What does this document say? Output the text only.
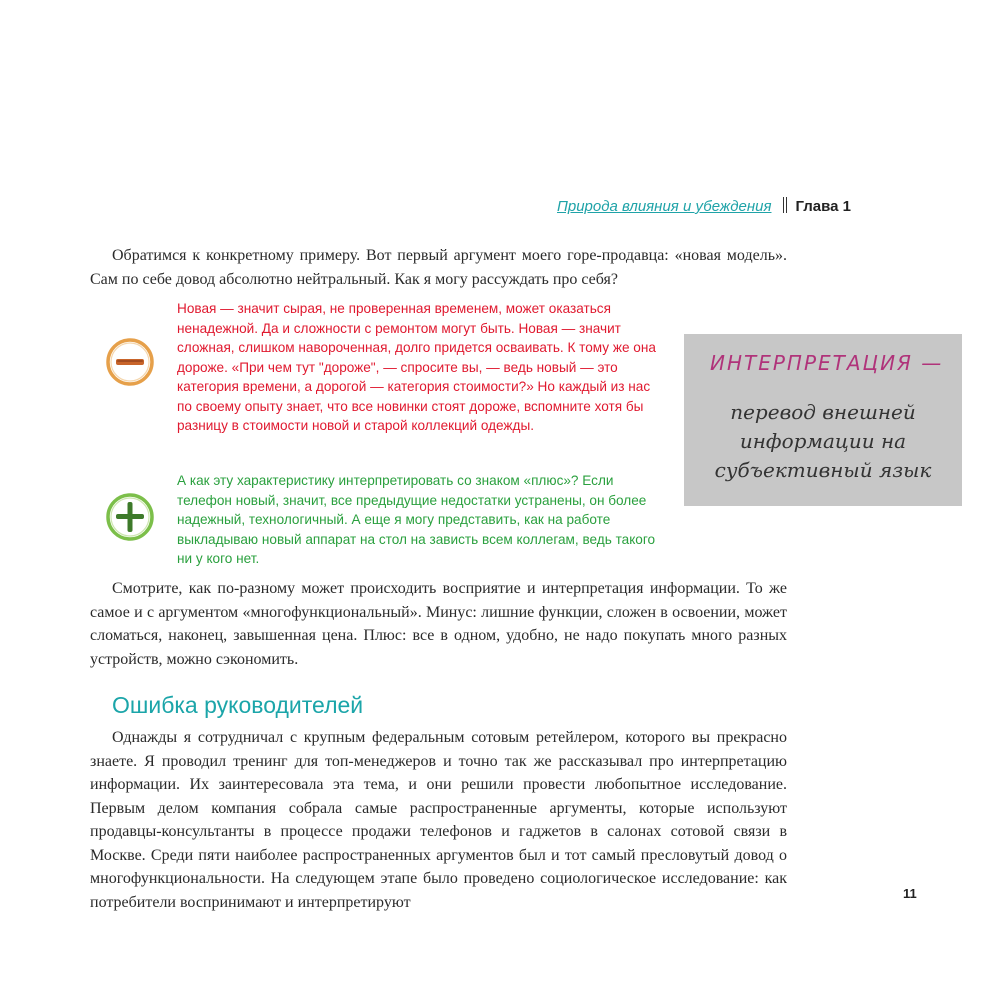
Природа влияния и убеждения Глава 1

Обратимся к конкретному примеру. Вот первый аргумент моего горе-продавца: «новая модель». Сам по себе довод абсолютно нейтральный. Как я могу рассуждать про себя?

Новая — значит сырая, не проверенная временем, может оказаться ненадежной. Да и сложности с ремонтом могут быть. Новая — значит сложная, слишком навороченная, долго придется осваивать. К тому же она дороже. «При чем тут "дороже", — спросите вы, — ведь новый — это категория времени, а дорогой — категория стоимости?» Но каждый из нас по своему опыту знает, что все новинки стоят дороже, вспомните хотя бы разницу в стоимости новой и старой коллекций одежды.

А как эту характеристику интерпретировать со знаком «плюс»? Если телефон новый, значит, все предыдущие недостатки устранены, он более надежный, технологичный. А еще я могу представить, как на работе выкладываю новый аппарат на стол на зависть всем коллегам, ведь такого ни у кого нет.

ИНТЕРПРЕТАЦИЯ —
перевод внешней
информации на
субъективный язык

Смотрите, как по-разному может происходить восприятие и интерпретация информации. То же самое и с аргументом «многофункциональный». Минус: лишние функции, сложен в освоении, может сломаться, наконец, завышенная цена. Плюс: все в одном, удобно, не надо покупать много разных устройств, можно сэкономить.

Ошибка руководителей

Однажды я сотрудничал с крупным федеральным сотовым ретейлером, которого вы прекрасно знаете. Я проводил тренинг для топ-менеджеров и точно так же рассказывал про интерпретацию информации. Их заинтересовала эта тема, и они решили провести любопытное исследование. Первым делом компания собрала самые распространенные аргументы, которые используют продавцы-консультанты в процессе продажи телефонов и гаджетов в салонах сотовой связи в Москве. Среди пяти наиболее распространенных аргументов был и тот самый пресловутый довод о многофункциональности. На следующем этапе было проведено социологическое исследование: как потребители воспринимают и интерпретируют	11
